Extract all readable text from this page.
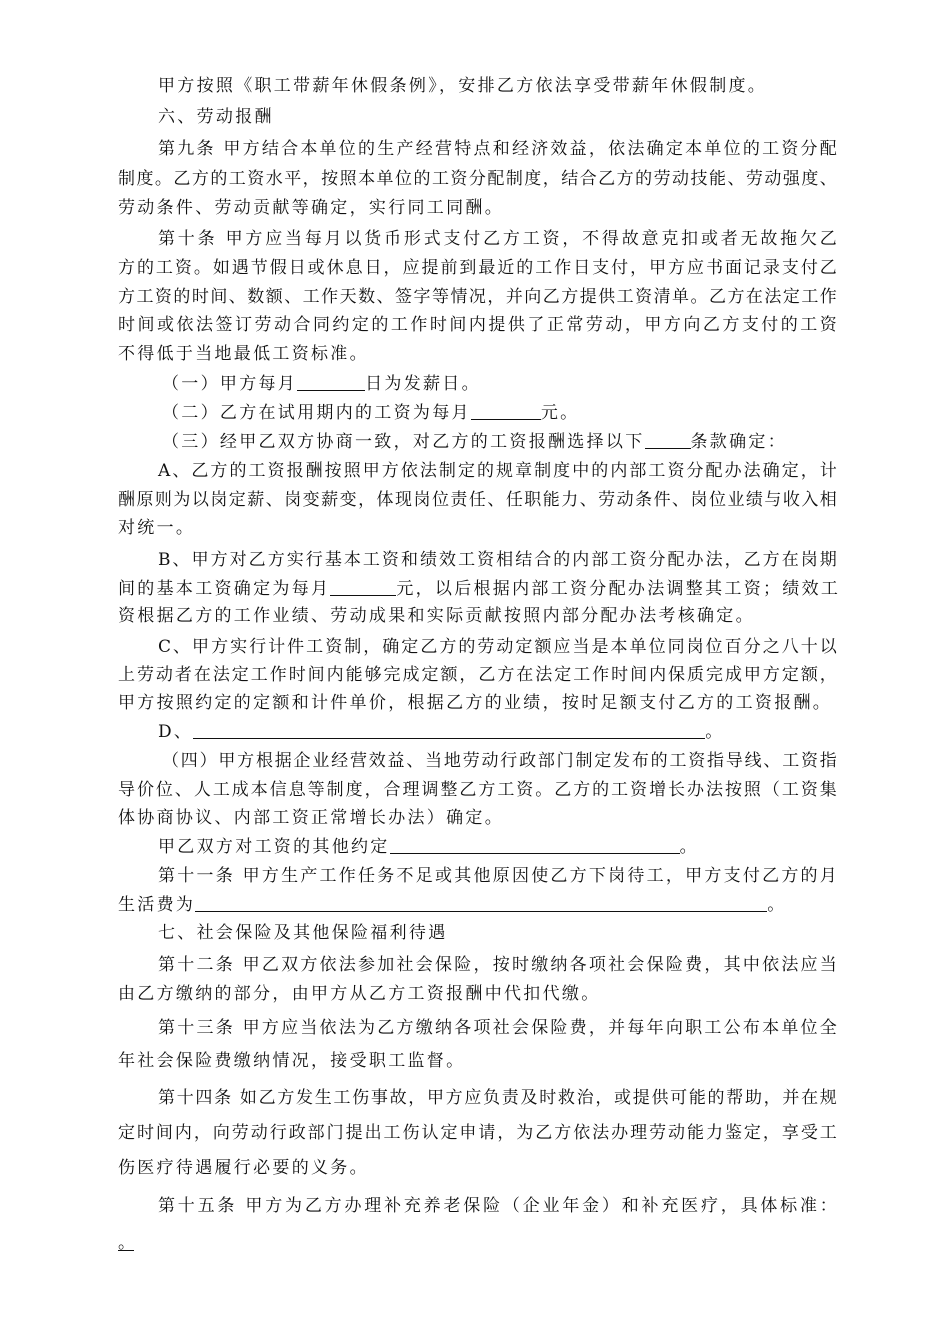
甲方按照《职工带薪年休假条例》，安排乙方依法享受带薪年休假制度。
六、劳动报酬
第九条 甲方结合本单位的生产经营特点和经济效益，依法确定本单位的工资分配
制度。乙方的工资水平，按照本单位的工资分配制度，结合乙方的劳动技能、劳动强度、
劳动条件、劳动贡献等确定，实行同工同酬。
第十条 甲方应当每月以货币形式支付乙方工资，不得故意克扣或者无故拖欠乙
方的工资。如遇节假日或休息日，应提前到最近的工作日支付，甲方应书面记录支付乙
方工资的时间、数额、工作天数、签字等情况，并向乙方提供工资清单。乙方在法定工作
时间或依法签订劳动合同约定的工作时间内提供了正常劳动，甲方向乙方支付的工资
不得低于当地最低工资标准。
（一）甲方每月	日为发薪日。
（二）乙方在试用期内的工资为每月	元。
（三）经甲乙双方协商一致，对乙方的工资报酬选择以下	条款确定：
A、乙方的工资报酬按照甲方依法制定的规章制度中的内部工资分配办法确定，计
酬原则为以岗定薪、岗变薪变，体现岗位责任、任职能力、劳动条件、岗位业绩与收入相
对统一。
B、甲方对乙方实行基本工资和绩效工资相结合的内部工资分配办法，乙方在岗期
间的基本工资确定为每月	元，以后根据内部工资分配办法调整其工资；绩效工
资根据乙方的工作业绩、劳动成果和实际贡献按照内部分配办法考核确定。
C、甲方实行计件工资制，确定乙方的劳动定额应当是本单位同岗位百分之八十以
上劳动者在法定工作时间内能够完成定额，乙方在法定工作时间内保质完成甲方定额，
甲方按照约定的定额和计件单价，根据乙方的业绩，按时足额支付乙方的工资报酬。
D、	。
（四）甲方根据企业经营效益、当地劳动行政部门制定发布的工资指导线、工资指
导价位、人工成本信息等制度，合理调整乙方工资。乙方的工资增长办法按照（工资集
体协商协议、内部工资正常增长办法）确定。
甲乙双方对工资的其他约定	。
第十一条 甲方生产工作任务不足或其他原因使乙方下岗待工，甲方支付乙方的月
生活费为	。
七、社会保险及其他保险福利待遇
第十二条 甲乙双方依法参加社会保险，按时缴纳各项社会保险费，其中依法应当
由乙方缴纳的部分，由甲方从乙方工资报酬中代扣代缴。
第十三条 甲方应当依法为乙方缴纳各项社会保险费，并每年向职工公布本单位全
年社会保险费缴纳情况，接受职工监督。
第十四条 如乙方发生工伤事故，甲方应负责及时救治，或提供可能的帮助，并在规
定时间内，向劳动行政部门提出工伤认定申请，为乙方依法办理劳动能力鉴定，享受工
伤医疗待遇履行必要的义务。
第十五条 甲方为乙方办理补充养老保险（企业年金）和补充医疗，具体标准：
。
